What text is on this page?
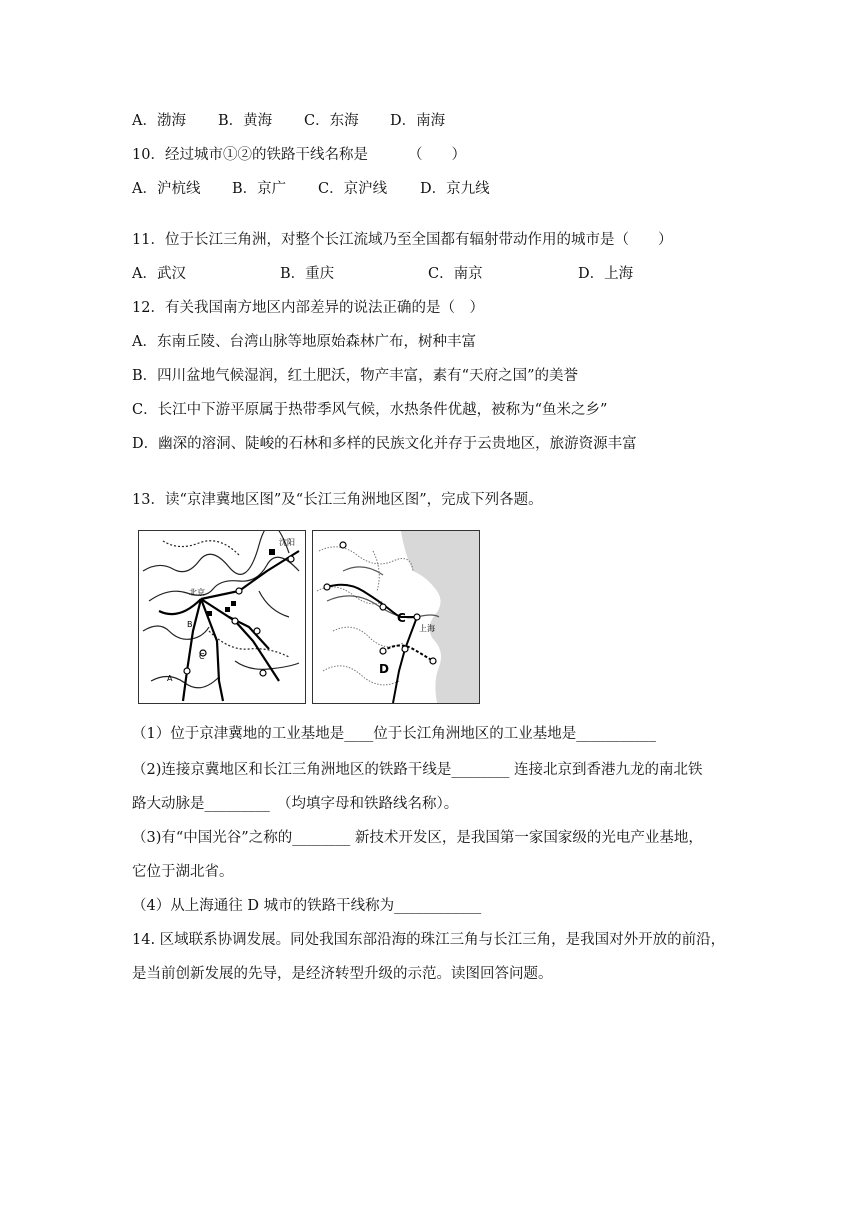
A．渤海 B．黄海 C．东海 D．南海
10．经过城市①②的铁路干线名称是	（　　）
A．沪杭线 B．京广 C．京沪线 D．京九线
11．位于长江三角洲，对整个长江流域乃至全国都有辐射带动作用的城市是（　　）
A．武汉	B．重庆	C．南京	D．上海
12．有关我国南方地区内部差异的说法正确的是（　）
A．东南丘陵、台湾山脉等地原始森林广布，树种丰富
B．四川盆地气候湿润，红土肥沃，物产丰富，素有“天府之国”的美誉
C．长江中下游平原属于热带季风气候，水热条件优越，被称为“鱼米之乡”
D．幽深的溶洞、陡峻的石林和多样的民族文化并存于云贵地区，旅游资源丰富
13．读“京津冀地区图”及“长江三角洲地区图”，完成下列各题。
沈阳
北京
A
B
C
C
上海
D
（1）位于京津冀地的工业基地是____位于长江角洲地区的工业基地是___________
（2)连接京冀地区和长江三角洲地区的铁路干线是________ 连接北京到香港九龙的南北铁
路大动脉是_________　（均填字母和铁路线名称）。
（3)有“中国光谷”之称的________ 新技术开发区，是我国第一家国家级的光电产业基地，
它位于湖北省。
（4）从上海通往 D 城市的铁路干线称为____________
14. 区域联系协调发展。同处我国东部沿海的珠江三角与长江三角，是我国对外开放的前沿，
是当前创新发展的先导，是经济转型升级的示范。读图回答问题。
